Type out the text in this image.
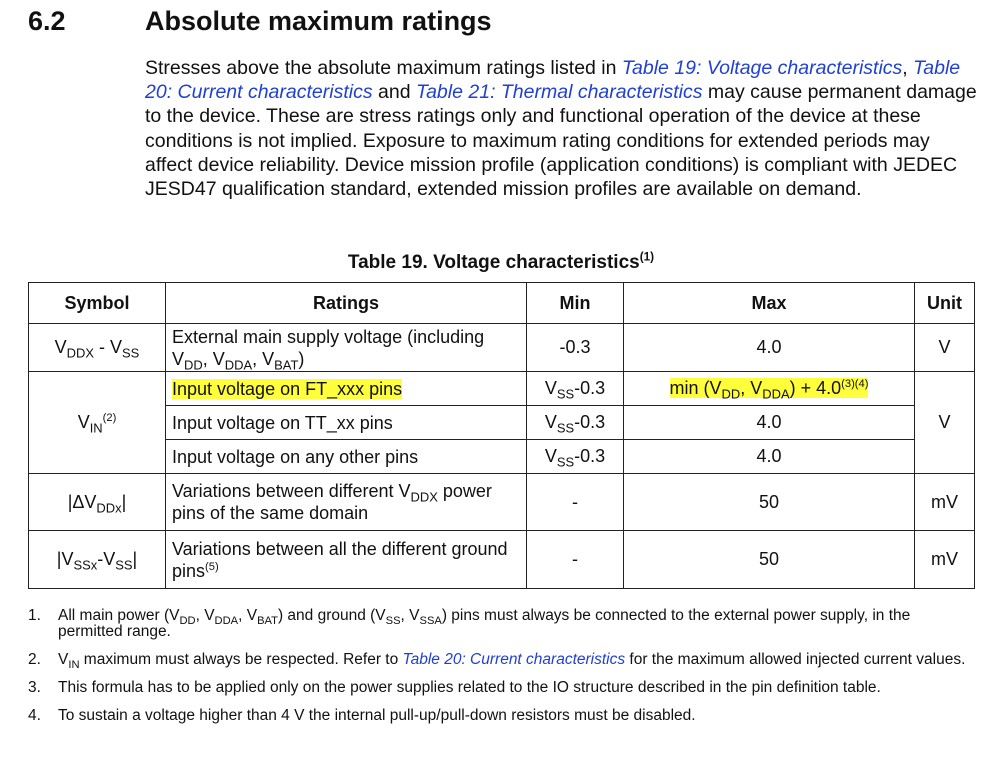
6.2	Absolute maximum ratings
Stresses above the absolute maximum ratings listed in Table 19: Voltage characteristics, Table 20: Current characteristics and Table 21: Thermal characteristics may cause permanent damage to the device. These are stress ratings only and functional operation of the device at these conditions is not implied. Exposure to maximum rating conditions for extended periods may affect device reliability. Device mission profile (application conditions) is compliant with JEDEC JESD47 qualification standard, extended mission profiles are available on demand.
Table 19. Voltage characteristics$^{(1)}$
Symbol	Ratings	Min	Max	Unit
$V_{DDX} - V_{SS}$	External main supply voltage (including $V_{DD}$, $V_{DDA}$, $V_{BAT}$)	-0.3	4.0	V
$V_{IN}^{(2)}$	Input voltage on FT_xxx pins	$V_{SS}-0.3$	$\min (V_{DD}$, $V_{DDA}) + 4.0^{(3)(4)}$	V
	Input voltage on TT_xx pins	$V_{SS}-0.3$	4.0	
	Input voltage on any other pins	$V_{SS}-0.3$	4.0	
$|\Delta V_{DDx}|$	Variations between different $V_{DDX}$ power pins of the same domain	-	50	mV
$|V_{SSx}-V_{SS}|$	Variations between all the different ground pins$^{(5)}$	-	50	mV
1. All main power ($V_{DD}$, $V_{DDA}$, $V_{BAT}$) and ground ($V_{SS}$, $V_{SSA}$) pins must always be connected to the external power supply, in the permitted range.
2. $V_{IN}$ maximum must always be respected. Refer to Table 20: Current characteristics for the maximum allowed injected current values.
3. This formula has to be applied only on the power supplies related to the IO structure described in the pin definition table.
4. To sustain a voltage higher than 4 V the internal pull-up/pull-down resistors must be disabled.
